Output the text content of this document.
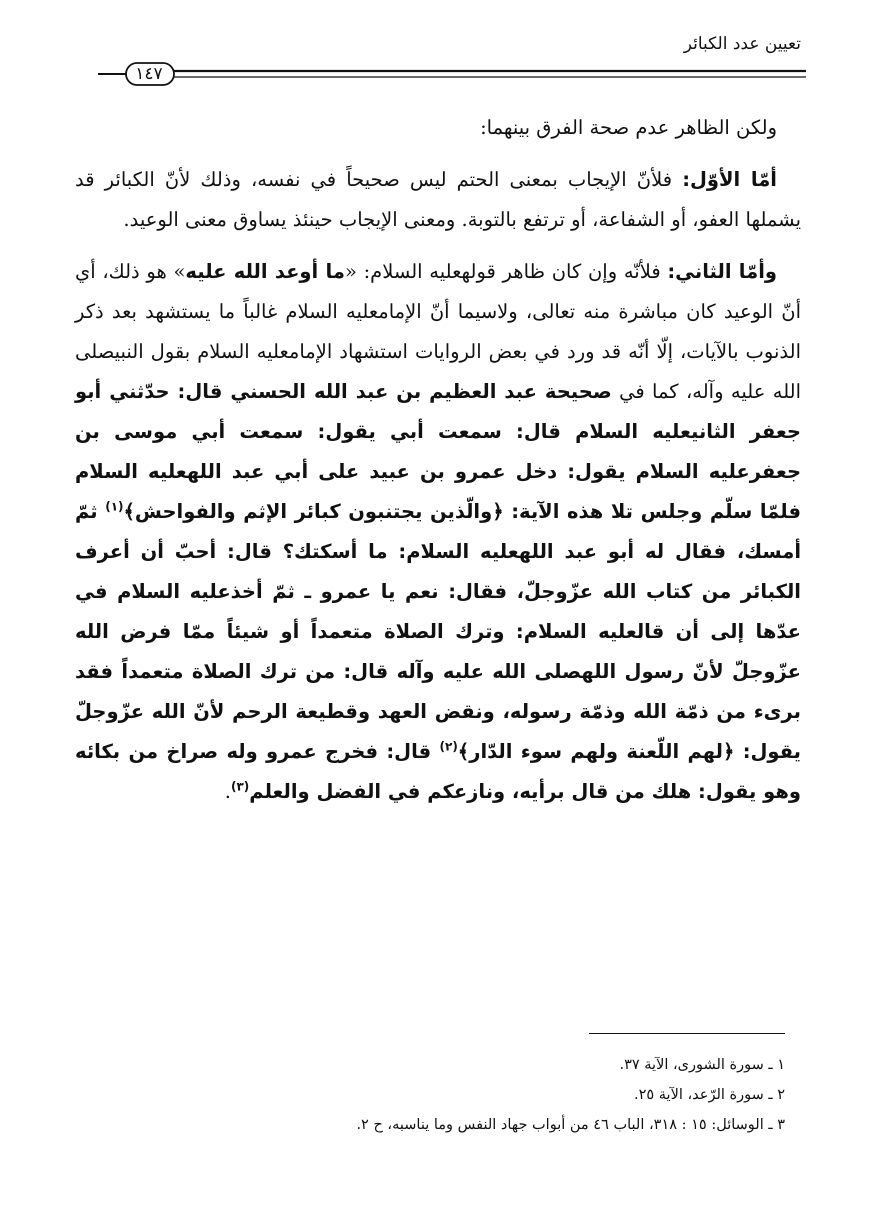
تعيين عدد الكبائر
١٤٧

ولكن الظاهر عدم صحة الفرق بينهما:

أمّا الأوّل: فلأنّ الإيجاب بمعنى الحتم ليس صحيحاً في نفسه، وذلك لأنّ الكبائر قد يشملها العفو، أو الشفاعة، أو ترتفع بالتوبة. ومعنى الإيجاب حينئذ يساوق معنى الوعيد.

وأمّا الثاني: فلأنّه وإن كان ظاهر قولهعليه السلام: «ما أوعد الله عليه» هو ذلك، أي أنّ الوعيد كان مباشرة منه تعالى، ولاسيما أنّ الإمامعليه السلام غالباً ما يستشهد بعد ذكر الذنوب بالآيات، إلّا أنّه قد ورد في بعض الروايات استشهاد الإمامعليه السلام بقول النبيصلى الله عليه وآله، كما في صحيحة عبد العظيم بن عبد الله الحسني قال: حدّثني أبو جعفر الثانيعليه السلام قال: سمعت أبي يقول: سمعت أبي موسى بن جعفرعليه السلام يقول: دخل عمرو بن عبيد على أبي عبد اللهعليه السلام فلمّا سلّم وجلس تلا هذه الآية: ﴿والّذين يجتنبون كبائر الإثم والفواحش﴾$^{(١)}$ ثمّ أمسك، فقال له أبو عبد اللهعليه السلام: ما أسكتك؟ قال: أحبّ أن أعرف الكبائر من كتاب الله عزّوجلّ، فقال: نعم يا عمرو ـ ثمّ أخذعليه السلام في عدّها إلى أن قالعليه السلام: وترك الصلاة متعمداً أو شيئاً ممّا فرض الله عزّوجلّ لأنّ رسول اللهصلى الله عليه وآله قال: من ترك الصلاة متعمداً فقد برىء من ذمّة الله وذمّة رسوله، ونقض العهد وقطيعة الرحم لأنّ الله عزّوجلّ يقول: ﴿لهم اللّعنة ولهم سوء الدّار﴾$^{(٢)}$ قال: فخرج عمرو وله صراخ من بكائه وهو يقول: هلك من قال برأيه، ونازعكم في الفضل والعلم$^{(٣)}$.

١ ـ سورة الشورى، الآية ٣٧.
٢ ـ سورة الرّعد، الآية ٢٥.
٣ ـ الوسائل: ١٥ : ٣١٨، الباب ٤٦ من أبواب جهاد النفس وما يناسبه، ح ٢.
